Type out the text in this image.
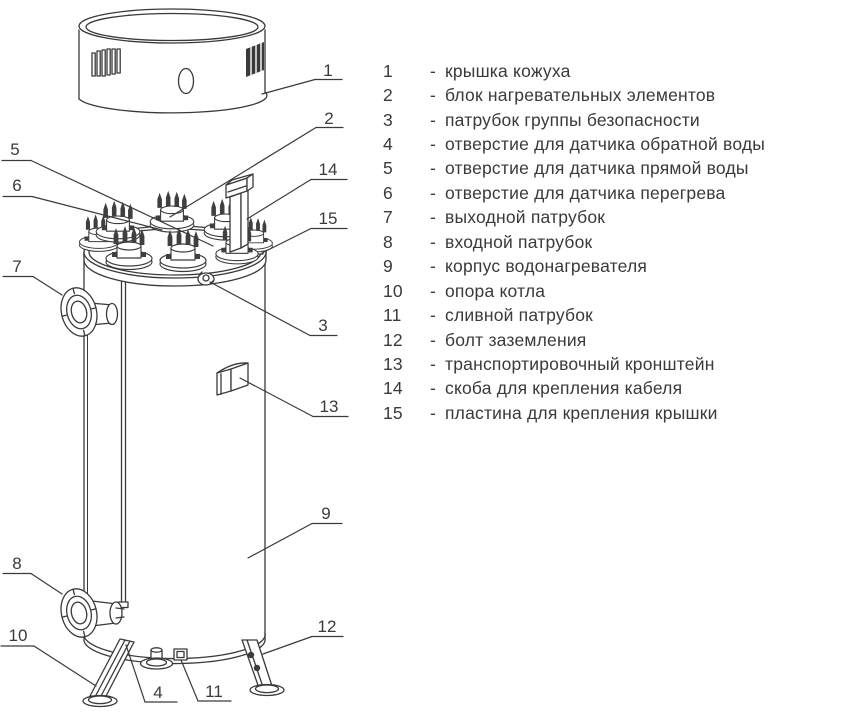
1
2
14
15
3
13
9
12
5
6
7
8
10
4 11
1	- крышка кожуха
2	- блок нагревательных элементов
3	- патрубок группы безопасности
4	- отверстие для датчика обратной воды
5	- отверстие для датчика прямой воды
6	- отверстие для датчика перегрева
7	- выходной патрубок
8	- входной патрубок
9	- корпус водонагревателя
10	- опора котла
11	- сливной патрубок
12	- болт заземления
13	- транспортировочный кронштейн
14	- скоба для крепления кабеля
15	- пластина для крепления крышки
